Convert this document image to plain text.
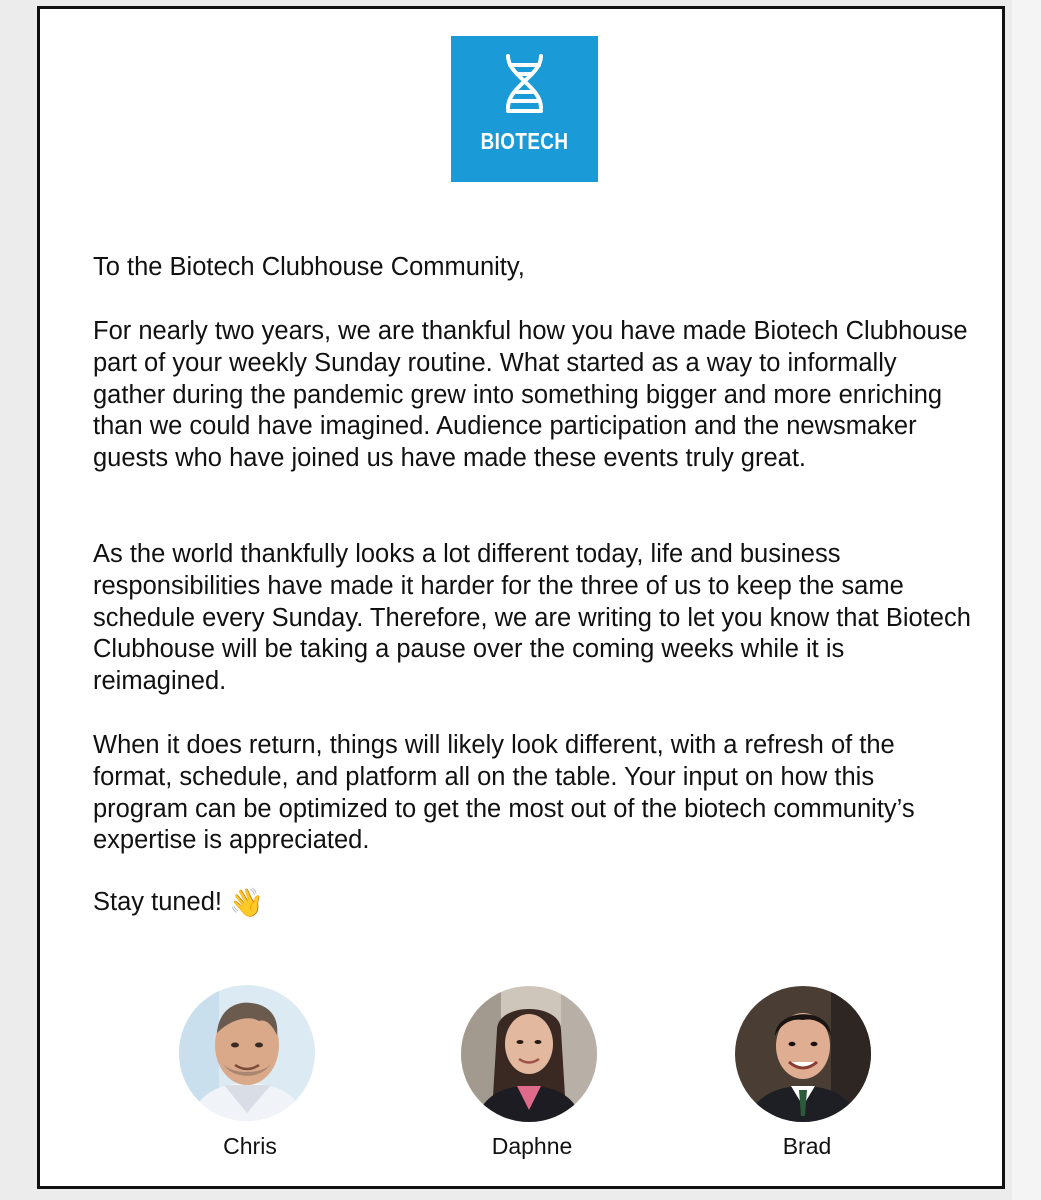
BIOTECH

To the Biotech Clubhouse Community,

For nearly two years, we are thankful how you have made Biotech Clubhouse part of your weekly Sunday routine. What started as a way to informally gather during the pandemic grew into something bigger and more enriching than we could have imagined. Audience participation and the newsmaker guests who have joined us have made these events truly great.

As the world thankfully looks a lot different today, life and business responsibilities have made it harder for the three of us to keep the same schedule every Sunday. Therefore, we are writing to let you know that Biotech Clubhouse will be taking a pause over the coming weeks while it is reimagined.

When it does return, things will likely look different, with a refresh of the format, schedule, and platform all on the table. Your input on how this program can be optimized to get the most out of the biotech community’s expertise is appreciated.

Stay tuned! 👋

Chris	Daphne	Brad
